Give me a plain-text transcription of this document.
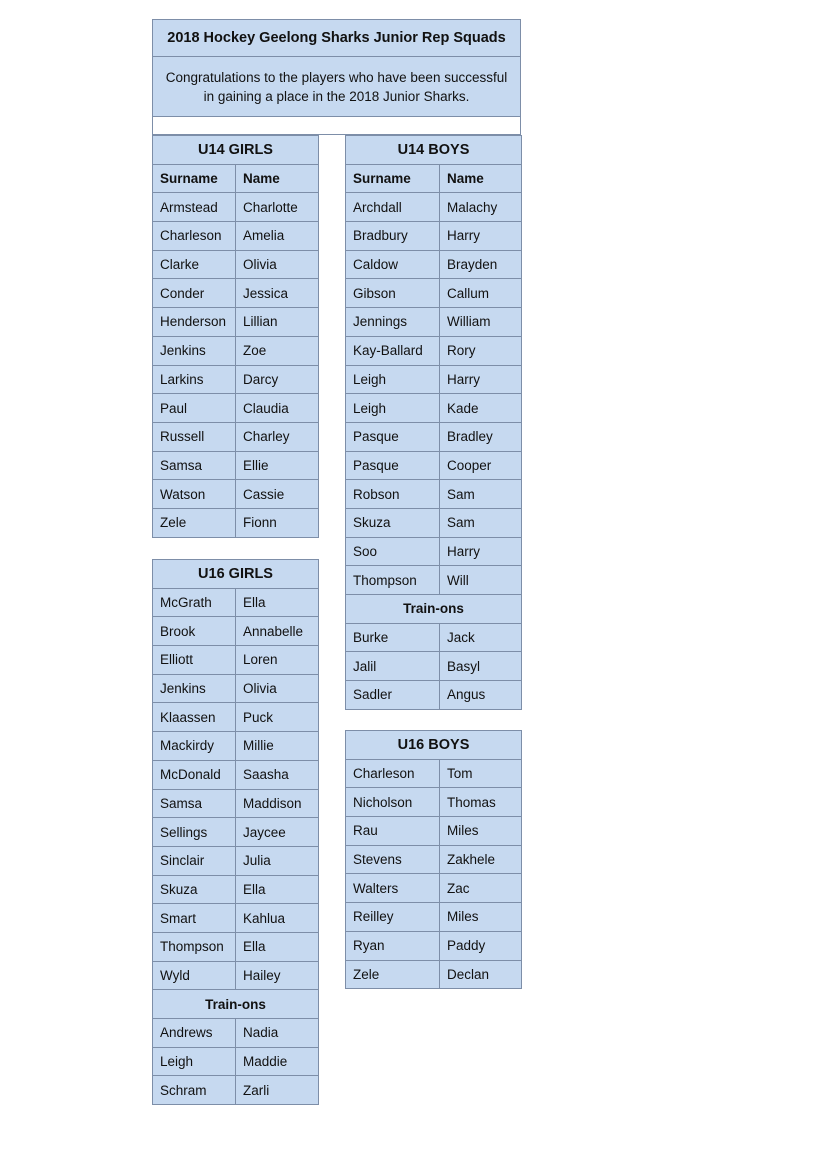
2018 Hockey Geelong Sharks Junior Rep Squads
Congratulations to the players who have been successful in gaining a place in the 2018 Junior Sharks.
U14 GIRLS	
Surname	Name
Armstead	Charlotte
Charleson	Amelia
Clarke	Olivia
Conder	Jessica
Henderson	Lillian
Jenkins	Zoe
Larkins	Darcy
Paul	Claudia
Russell	Charley
Samsa	Ellie
Watson	Cassie
Zele	Fionn
U14 BOYS	
Surname	Name
Archdall	Malachy
Bradbury	Harry
Caldow	Brayden
Gibson	Callum
Jennings	William
Kay-Ballard	Rory
Leigh	Harry
Leigh	Kade
Pasque	Bradley
Pasque	Cooper
Robson	Sam
Skuza	Sam
Soo	Harry
Thompson	Will
Train-ons	
Burke	Jack
Jalil	Basyl
Sadler	Angus
U16 GIRLS	
McGrath	Ella
Brook	Annabelle
Elliott	Loren
Jenkins	Olivia
Klaassen	Puck
Mackirdy	Millie
McDonald	Saasha
Samsa	Maddison
Sellings	Jaycee
Sinclair	Julia
Skuza	Ella
Smart	Kahlua
Thompson	Ella
Wyld	Hailey
Train-ons	
Andrews	Nadia
Leigh	Maddie
Schram	Zarli
U16 BOYS	
Charleson	Tom
Nicholson	Thomas
Rau	Miles
Stevens	Zakhele
Walters	Zac
Reilley	Miles
Ryan	Paddy
Zele	Declan
